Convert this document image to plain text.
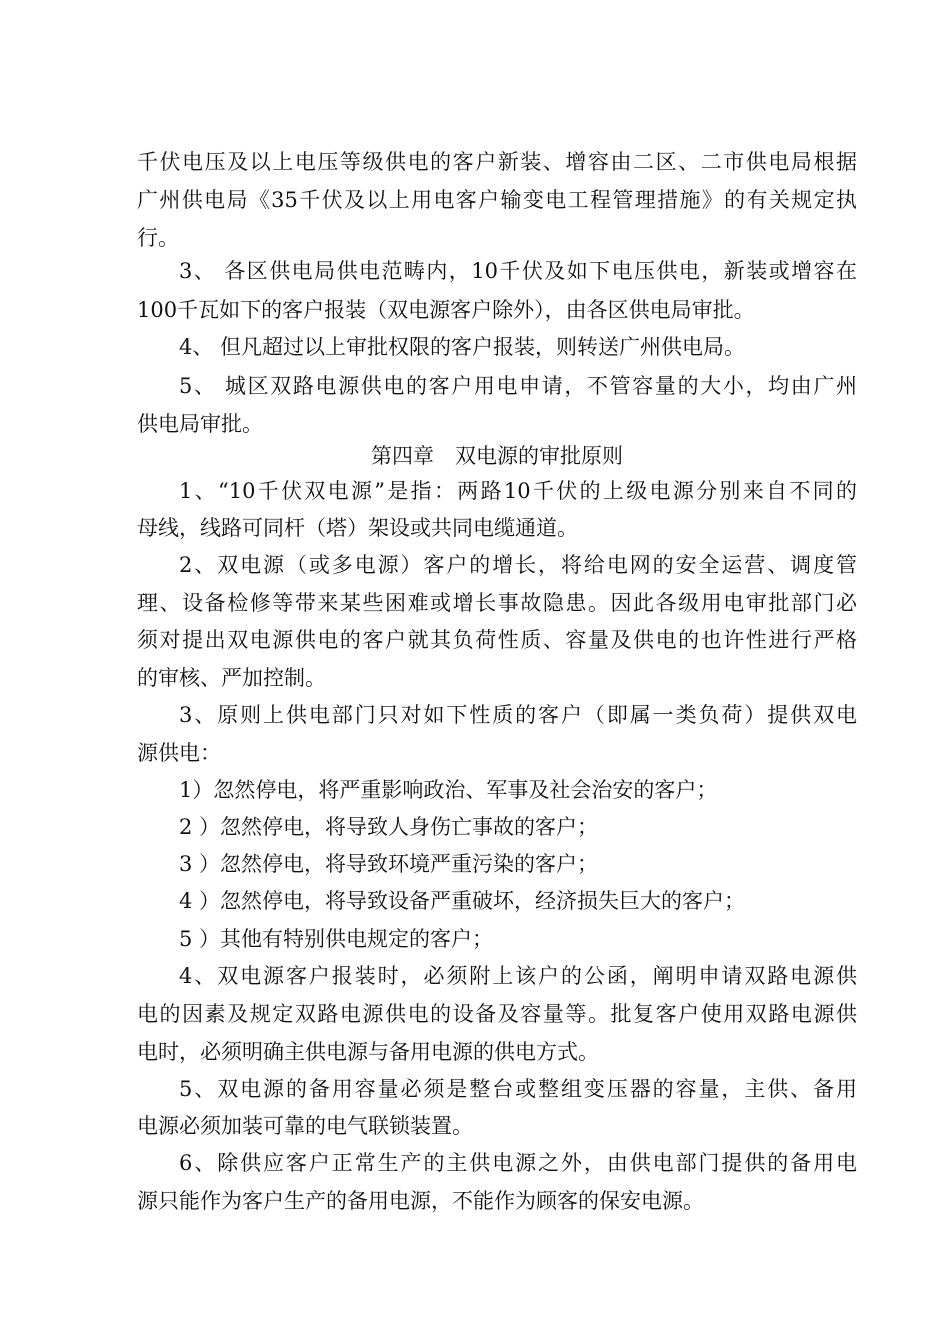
千伏电压及以上电压等级供电的客户新装、增容由二区、二市供电局根据
广州供电局《35千伏及以上用电客户输变电工程管理措施》的有关规定执
行。
3、 各区供电局供电范畴内，10千伏及如下电压供电，新装或增容在
100千瓦如下的客户报装（双电源客户除外），由各区供电局审批。
4、 但凡超过以上审批权限的客户报装，则转送广州供电局。
5、 城区双路电源供电的客户用电申请，不管容量的大小，均由广州
供电局审批。
第四章　双电源的审批原则
1、“10千伏双电源”是指：两路10千伏的上级电源分别来自不同的
母线，线路可同杆（塔）架设或共同电缆通道。
2、双电源（或多电源）客户的增长，将给电网的安全运营、调度管
理、设备检修等带来某些困难或增长事故隐患。因此各级用电审批部门必
须对提出双电源供电的客户就其负荷性质、容量及供电的也许性进行严格
的审核、严加控制。
3、原则上供电部门只对如下性质的客户（即属一类负荷）提供双电
源供电：
1）忽然停电，将严重影响政治、军事及社会治安的客户；
2 ）忽然停电，将导致人身伤亡事故的客户；
3 ）忽然停电，将导致环境严重污染的客户；
4 ）忽然停电，将导致设备严重破坏，经济损失巨大的客户；
5 ）其他有特别供电规定的客户；
4、双电源客户报装时，必须附上该户的公函，阐明申请双路电源供
电的因素及规定双路电源供电的设备及容量等。批复客户使用双路电源供
电时，必须明确主供电源与备用电源的供电方式。
5、双电源的备用容量必须是整台或整组变压器的容量，主供、备用
电源必须加装可靠的电气联锁装置。
6、除供应客户正常生产的主供电源之外，由供电部门提供的备用电
源只能作为客户生产的备用电源，不能作为顾客的保安电源。
